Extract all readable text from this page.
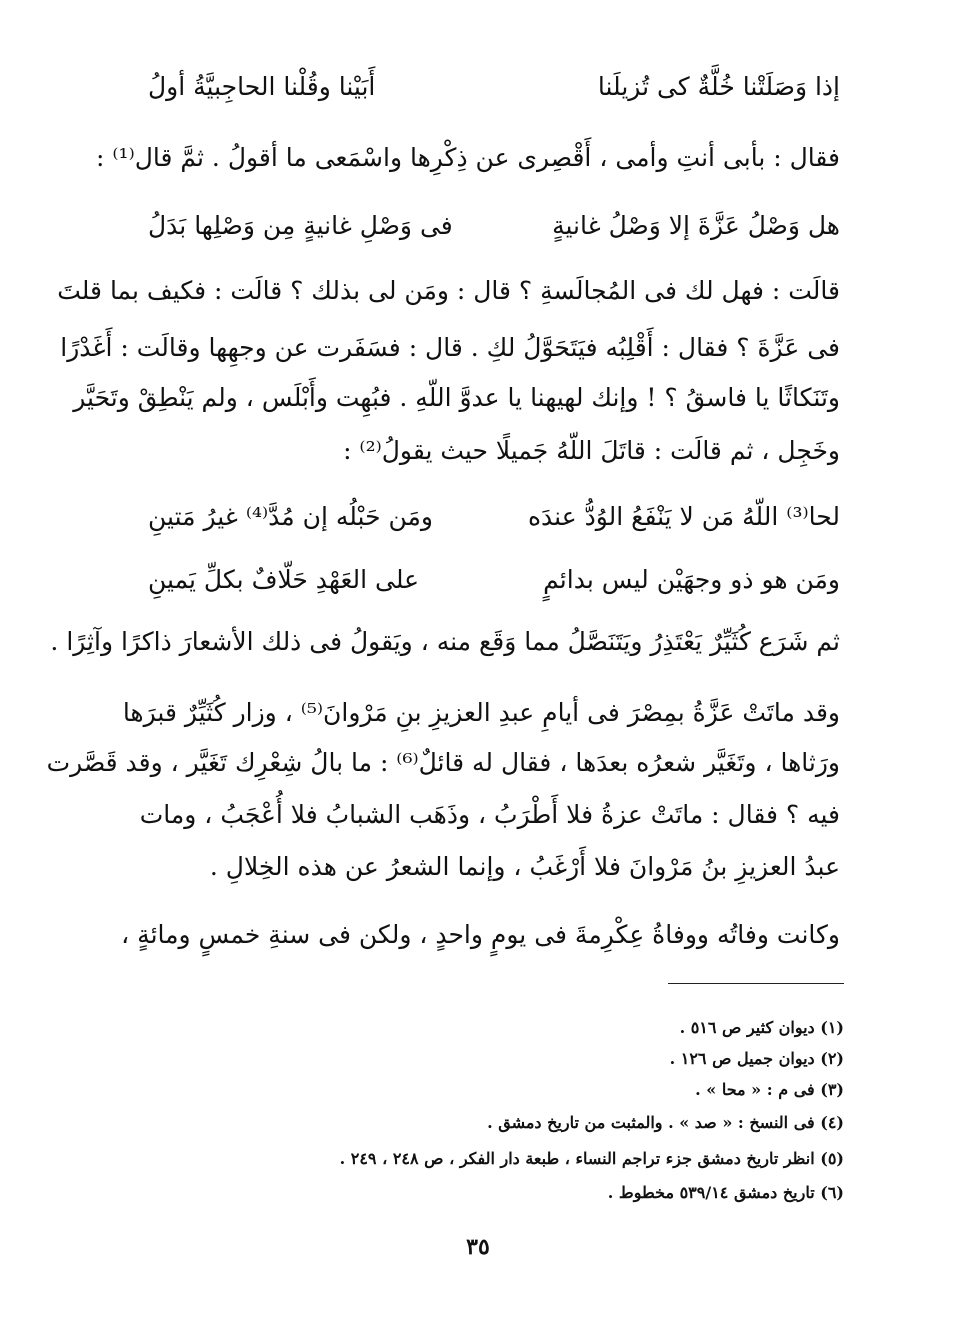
إذا وَصَلَتْنا خُلَّةٌ كى تُزيلَنا
أَبَيْنا وقُلْنا الحاجِبيَّةُ أولُ
فقال : بأبى أنتِ وأمى ، أَقْصِرى عن ذِكْرِها واسْمَعى ما أقولُ . ثمَّ قال⁽¹⁾ :
هل وَصْلُ عَزَّةَ إلا وَصْلُ غانيةٍ
فى وَصْلِ غانيةٍ مِن وَصْلِها بَدَلُ
قالَت : فهل لك فى المُجالَسةِ ؟ قال : ومَن لى بذلك ؟ قالَت : فكيف بما قلتَ
فى عَزَّةَ ؟ فقال : أَقْلِبُه فيَتَحَوَّلُ لكِ . قال : فسَفَرت عن وجهِها وقالَت : أَغَدْرًا
وتَنَكاثًا يا فاسقُ ؟ ! وإنك لهيهنا يا عدوَّ اللّهِ . فبُهِت وأَبْلَس ، ولم يَنْطِقْ وتَحَيَّر
وخَجِل ، ثم قالَت : قاتَلَ اللّهُ جَميلًا حيث يقولُ⁽²⁾ :
لحا⁽³⁾ اللّهُ مَن لا يَنْفَعُ الوُدُّ عندَه
ومَن حَبْلُه إن مُدَّ⁽⁴⁾ غيرُ مَتينِ
ومَن هو ذو وجهَيْن ليس بدائمٍ
على العَهْدِ حَلّافٌ بكلِّ يَمينِ
ثم شَرَع كُثَيِّرٌ يَعْتَذِرُ ويَتَنَصَّلُ مما وَقَع منه ، ويَقولُ فى ذلك الأشعارَ ذاكرًا وآثِرًا .
وقد ماتَتْ عَزَّةُ بمِصْرَ فى أيامِ عبدِ العزيزِ بنِ مَرْوانَ⁽⁵⁾ ، وزار كُثَيِّرٌ قبرَها
ورَثاها ، وتَغَيَّر شعرُه بعدَها ، فقال له قائلٌ⁽⁶⁾ : ما بالُ شِعْرِك تَغَيَّر ، وقد قَصَّرت
فيه ؟ فقال : ماتَتْ عزةُ فلا أَطْرَبُ ، وذَهَب الشبابُ فلا أُعْجَبُ ، ومات
عبدُ العزيزِ بنُ مَرْوانَ فلا أَرْغَبُ ، وإنما الشعرُ عن هذه الخِلالِ .
وكانت وفاتُه ووفاةُ عِكْرِمةَ فى يومٍ واحدٍ ، ولكن فى سنةِ خمسٍ ومائةٍ ،
(١) ديوان كثير ص ٥١٦ .
(٢) ديوان جميل ص ١٢٦ .
(٣) فى م : « محا » .
(٤) فى النسخ : « صد » . والمثبت من تاريخ دمشق .
(٥) انظر تاريخ دمشق جزء تراجم النساء ، طبعة دار الفكر ، ص ٢٤٨ ، ٢٤٩ .
(٦) تاريخ دمشق ٥٣٩/١٤ مخطوط .
٣٥
